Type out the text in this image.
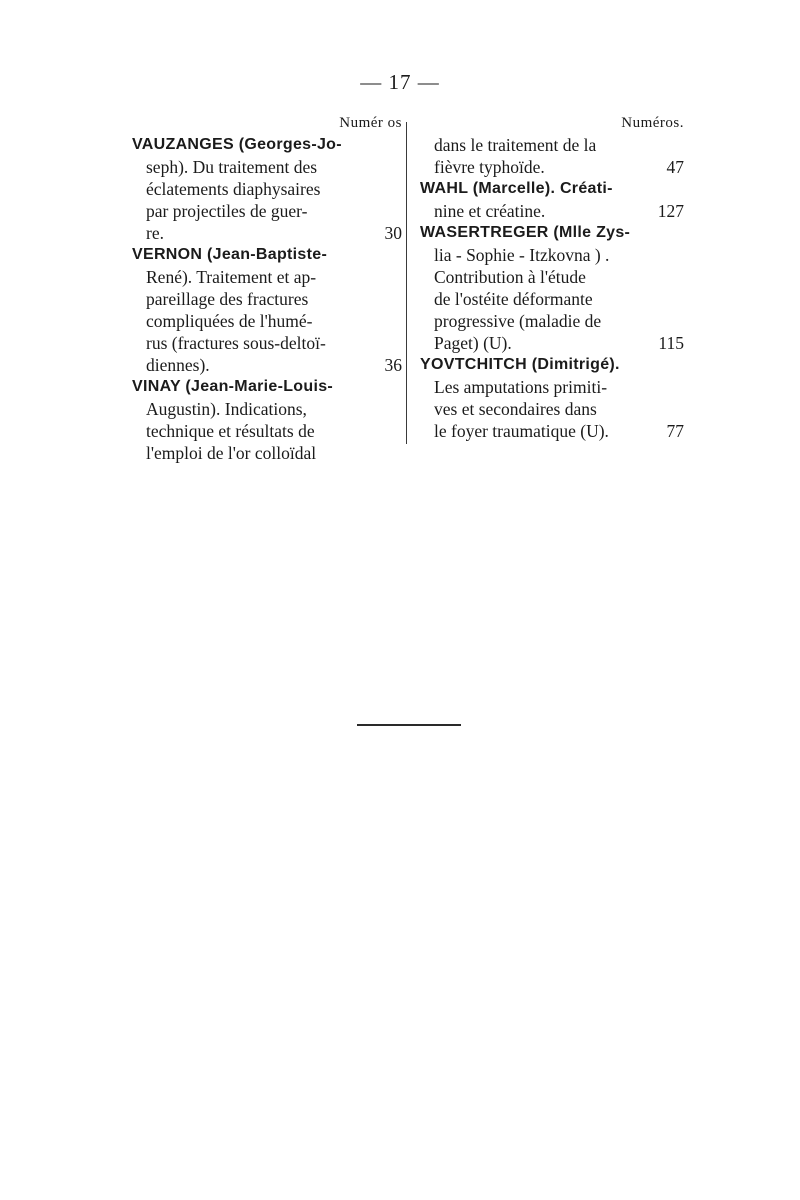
— 17 —
Numér os
VAUZANGES (Georges-Jo-
seph). Du traitement des
éclatements diaphysaires
par projectiles de guer-
re.	30
VERNON (Jean-Baptiste-
René). Traitement et ap-
pareillage des fractures
compliquées de l'humé-
rus (fractures sous-deltoï-
diennes).	36
VINAY (Jean-Marie-Louis-
Augustin). Indications,
technique et résultats de
l'emploi de l'or colloïdal
Numéros.
dans le traitement de la
fièvre typhoïde.	47
WAHL (Marcelle). Créati-
nine et créatine.	127
WASERTREGER (Mlle Zys-
lia - Sophie - Itzkovna ) .
Contribution à l'étude
de l'ostéite déformante
progressive (maladie de
Paget) (U).	115
YOVTCHITCH (Dimitrigé).
Les amputations primiti-
ves et secondaires dans
le foyer traumatique (U).	77
